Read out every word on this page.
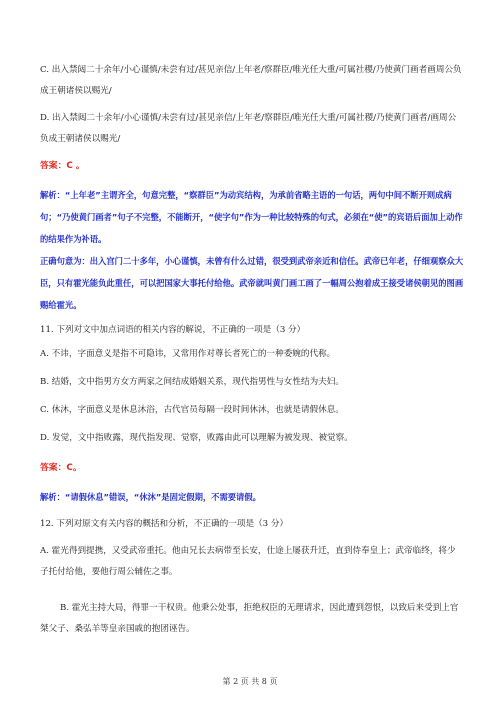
C. 出入禁闼二十余年/小心谨慎/未尝有过/甚见亲信/上年老/察群臣/唯光任大重/可属社稷/乃使黄门画者画周公负成王朝诸侯以赐光/
D. 出入禁闼二十余年/小心谨慎/未尝有过/甚见亲信/上年老/察群臣/唯光任大重/可属社稷/乃使黄门画者/画周公负成王朝诸侯以赐光/
答案：C 。
解析：“上年老”主谓齐全，句意完整，“察群臣”为动宾结构，为承前省略主语的一句话，两句中间不断开则成病句；“乃使黄门画者”句子不完整，不能断开，“使字句”作为一种比较特殊的句式，必须在“使”的宾语后面加上动作的结果作为补语。
正确句意为：出入宫门二十多年，小心谨慎，未曾有什么过错，很受到武帝亲近和信任。武帝已年老，仔细观察众大臣，只有霍光能负此重任，可以把国家大事托付给他。武帝就叫黄门画工画了一幅周公抱着成王接受诸侯朝见的图画赐给霍光。
11. 下列对文中加点词语的相关内容的解说，不正确的一项是（3 分）
A. 不讳，字面意义是指不可隐讳，又常用作对尊长者死亡的一种委婉的代称。
B. 结婚，文中指男方女方两家之间结成婚姻关系，现代指男性与女性结为夫妇。
C. 休沐，字面意义是休息沐浴，古代官员每隔一段时间休沐，也就是请假休息。
D. 发觉，文中指败露，现代指发现、觉察，败露由此可以理解为被发现、被觉察。
答案：C。
解析：“请假休息”错误，“休沐”是固定假期，不需要请假。
12. 下列对原文有关内容的概括和分析，不正确的一项是（3 分）
A. 霍光得到提携，又受武帝重托。他由兄长去病带至长安，仕途上屡获升迁，直到侍奉皇上；武帝临终，将少子托付给他，要他行周公辅佐之事。
B. 霍光主持大局，得罪一干权贵。他秉公处事，拒绝权臣的无理请求，因此遭到怨恨，以致后来受到上官桀父子、桑弘羊等皇亲国戚的抱团诬告。
第 2 页 共 8 页
